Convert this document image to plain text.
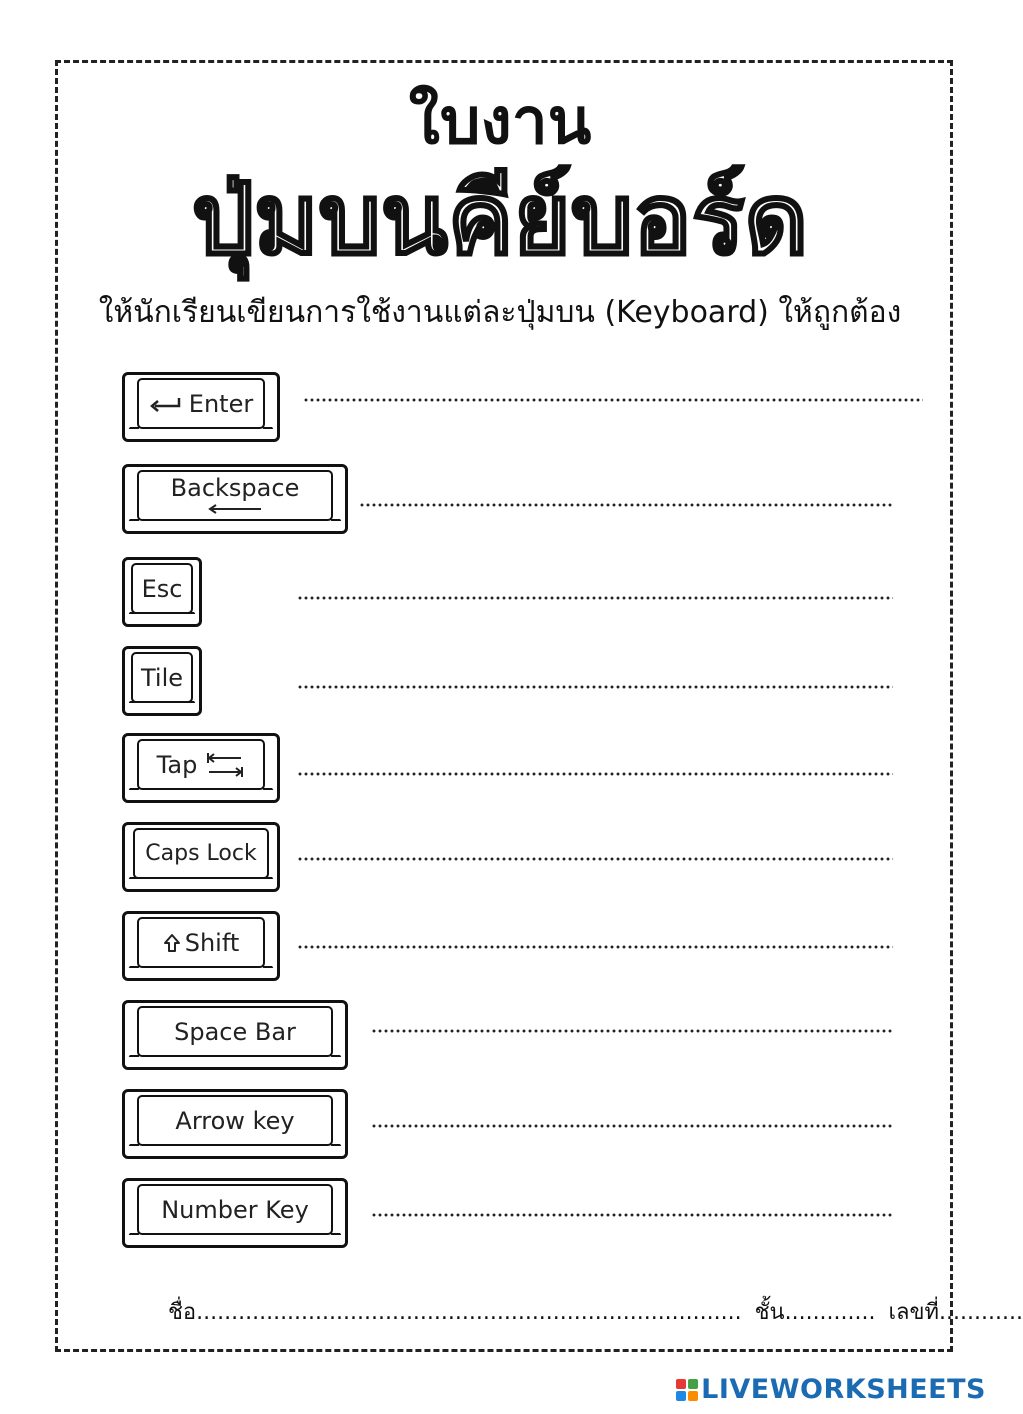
ใบงาน
ปุ่มบนคีย์บอร์ด
ให้นักเรียนเขียนการใช้งานแต่ละปุ่มบน (Keyboard) ให้ถูกต้อง
Enter
Backspace
Esc
Tile
Tap
Caps Lock
Shift
Space Bar
Arrow key
Number Key
ชื่อ.............................................................................. ชั้น............. เลขที่............
LIVEWORKSHEETS
